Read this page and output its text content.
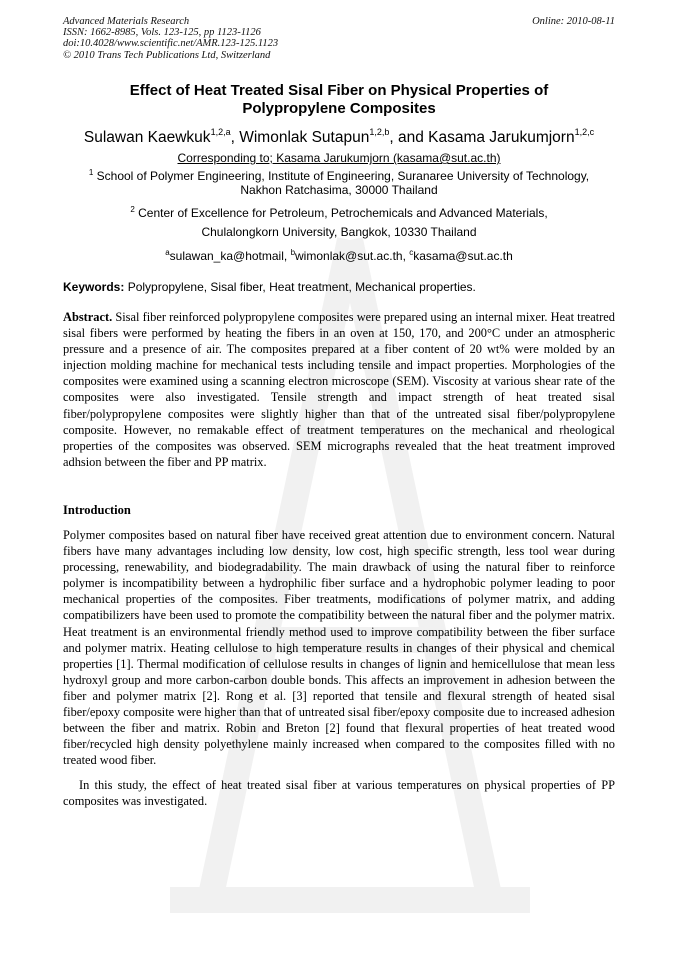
Advanced Materials Research
ISSN: 1662-8985, Vols. 123-125, pp 1123-1126
doi:10.4028/www.scientific.net/AMR.123-125.1123
© 2010 Trans Tech Publications Ltd, Switzerland
Online: 2010-08-11
Effect of Heat Treated Sisal Fiber on Physical Properties of
Polypropylene Composites
Sulawan Kaewkuk$^{1,2,a}$, Wimonlak Sutapun$^{1,2,b}$, and Kasama Jarukumjorn$^{1,2,c}$
Corresponding to; Kasama Jarukumjorn (kasama@sut.ac.th)
$^1$ School of Polymer Engineering, Institute of Engineering, Suranaree University of Technology,
Nakhon Ratchasima, 30000 Thailand
$^2$ Center of Excellence for Petroleum, Petrochemicals and Advanced Materials,
Chulalongkorn University, Bangkok, 10330 Thailand
$^a$sulawan_ka@hotmail, $^b$wimonlak@sut.ac.th, $^c$kasama@sut.ac.th
Keywords: Polypropylene, Sisal fiber, Heat treatment, Mechanical properties.
Abstract. Sisal fiber reinforced polypropylene composites were prepared using an internal mixer. Heat treatred sisal fibers were performed by heating the fibers in an oven at 150, 170, and 200°C under an atmospheric pressure and a presence of air. The composites prepared at a fiber content of 20 wt% were molded by an injection molding machine for mechanical tests including tensile and impact properties. Morphologies of the composites were examined using a scanning electron microscope (SEM). Viscosity at various shear rate of the composites were also investigated. Tensile strength and impact strength of heat treated sisal fiber/polypropylene composites were slightly higher than that of the untreated sisal fiber/polypropylene composite. However, no remakable effect of treatment temperatures on the mechanical and rheological properties of the composites was observed. SEM micrographs revealed that the heat treatment improved adhsion between the fiber and PP matrix.
Introduction
Polymer composites based on natural fiber have received great attention due to environment concern. Natural fibers have many advantages including low density, low cost, high specific strength, less tool wear during processing, renewability, and biodegradability. The main drawback of using the natural fiber to reinforce polymer is incompatibility between a hydrophilic fiber surface and a hydrophobic polymer leading to poor mechanical properties of the composites. Fiber treatments, modifications of polymer matrix, and adding compatibilizers have been used to promote the compatibility between the natural fiber and the polymer matrix. Heat treatment is an environmental friendly method used to improve compatibility between the fiber surface and polymer matrix. Heating cellulose to high temperature results in changes of their physical and chemical properties [1]. Thermal modification of cellulose results in changes of lignin and hemicellulose that mean less hydroxyl group and more carbon-carbon double bonds. This affects an improvement in adhesion between the fiber and polymer matrix [2]. Rong et al. [3] reported that tensile and flexural strength of heated sisal fiber/epoxy composite were higher than that of untreated sisal fiber/epoxy composite due to increased adhesion between the fiber and matrix. Robin and Breton [2] found that flexural properties of heat treated wood fiber/recycled high density polyethylene mainly increased when compared to the composites filled with no treated wood fiber.
In this study, the effect of heat treated sisal fiber at various temperatures on physical properties of PP composites was investigated.
